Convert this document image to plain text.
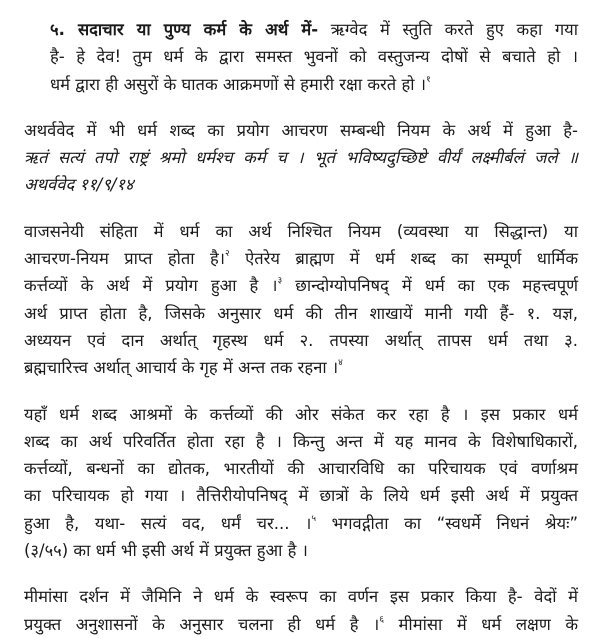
५. सदाचार या पुण्य कर्म के अर्थ में- ऋग्वेद में स्तुति करते हुए कहा गया
है- हे देव! तुम धर्म के द्वारा समस्त भुवनों को वस्तुजन्य दोषों से बचाते हो ।
धर्म द्वारा ही असुरों के घातक आक्रमणों से हमारी रक्षा करते हो ।$^१$
अथर्ववेद में भी धर्म शब्द का प्रयोग आचरण सम्बन्धी नियम के अर्थ में हुआ है-
ऋतं सत्यं तपो राष्ट्रं श्रमो धर्मश्च कर्म च । भूतं भविष्यदुच्छिष्टे वीर्यं लक्ष्मीर्बलं जले ॥
अथर्ववेद ११/९/१४
वाजसनेयी संहिता में धर्म का अर्थ निश्चित नियम (व्यवस्था या सिद्धान्त) या
आचरण-नियम प्राप्त होता है।$^२$ ऐतरेय ब्राह्मण में धर्म शब्द का सम्पूर्ण धार्मिक
कर्त्तव्यों के अर्थ में प्रयोग हुआ है ।$^३$ छान्दोग्योपनिषद् में धर्म का एक महत्त्वपूर्ण
अर्थ प्राप्त होता है, जिसके अनुसार धर्म की तीन शाखायें मानी गयी हैं- १. यज्ञ,
अध्ययन एवं दान अर्थात् गृहस्थ धर्म २. तपस्या अर्थात् तापस धर्म तथा ३.
ब्रह्मचारित्त्व अर्थात् आचार्य के गृह में अन्त तक रहना ।$^४$
यहाँ धर्म शब्द आश्रमों के कर्त्तव्यों की ओर संकेत कर रहा है । इस प्रकार धर्म
शब्द का अर्थ परिवर्तित होता रहा है । किन्तु अन्त में यह मानव के विशेषाधिकारों,
कर्त्तव्यों, बन्धनों का द्योतक, भारतीयों की आचारविधि का परिचायक एवं वर्णाश्रम
का परिचायक हो गया । तैत्तिरीयोपनिषद् में छात्रों के लिये धर्म इसी अर्थ में प्रयुक्त
हुआ है, यथा- सत्यं वद, धर्मं चर... ।$^५$ भगवद्गीता का “स्वधर्मे निधनं श्रेयः”
(३/५५) का धर्म भी इसी अर्थ में प्रयुक्त हुआ है ।
मीमांसा दर्शन में जैमिनि ने धर्म के स्वरूप का वर्णन इस प्रकार किया है- वेदों में
प्रयुक्त अनुशासनों के अनुसार चलना ही धर्म है ।$^६$ मीमांसा में धर्म लक्षण के
